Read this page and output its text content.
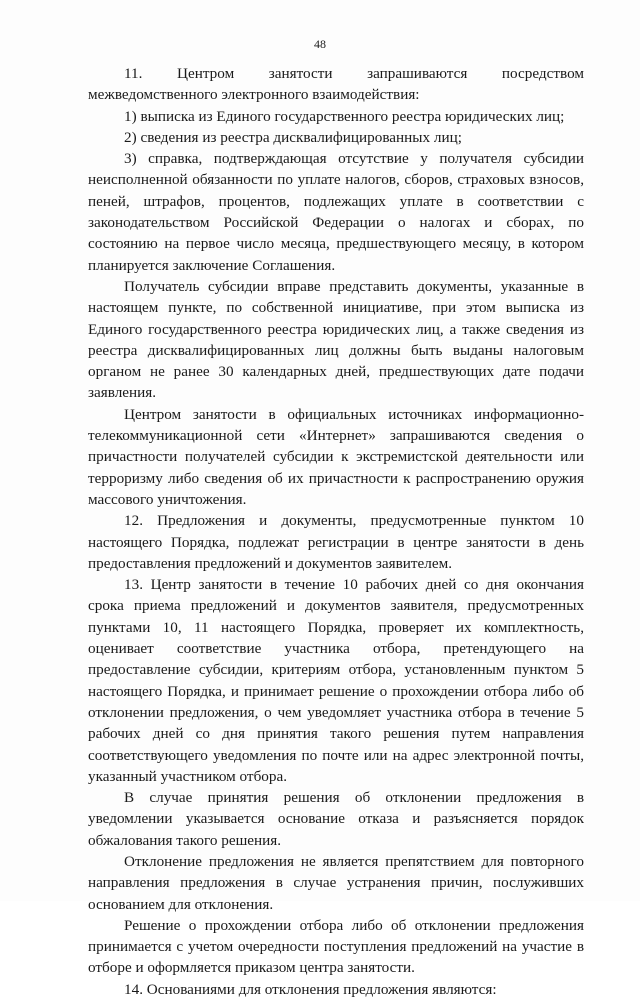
48

11. Центром занятости запрашиваются посредством межведомственного электронного взаимодействия:

1) выписка из Единого государственного реестра юридических лиц;

2) сведения из реестра дисквалифицированных лиц;

3) справка, подтверждающая отсутствие у получателя субсидии неисполненной обязанности по уплате налогов, сборов, страховых взносов, пеней, штрафов, процентов, подлежащих уплате в соответствии с законодательством Российской Федерации о налогах и сборах, по состоянию на первое число месяца, предшествующего месяцу, в котором планируется заключение Соглашения.

Получатель субсидии вправе представить документы, указанные в настоящем пункте, по собственной инициативе, при этом выписка из Единого государственного реестра юридических лиц, а также сведения из реестра дисквалифицированных лиц должны быть выданы налоговым органом не ранее 30 календарных дней, предшествующих дате подачи заявления.

Центром занятости в официальных источниках информационно-телекоммуникационной сети «Интернет» запрашиваются сведения о причастности получателей субсидии к экстремистской деятельности или терроризму либо сведения об их причастности к распространению оружия массового уничтожения.

12. Предложения и документы, предусмотренные пунктом 10 настоящего Порядка, подлежат регистрации в центре занятости в день предоставления предложений и документов заявителем.

13. Центр занятости в течение 10 рабочих дней со дня окончания срока приема предложений и документов заявителя, предусмотренных пунктами 10, 11 настоящего Порядка, проверяет их комплектность, оценивает соответствие участника отбора, претендующего на предоставление субсидии, критериям отбора, установленным пунктом 5 настоящего Порядка, и принимает решение о прохождении отбора либо об отклонении предложения, о чем уведомляет участника отбора в течение 5 рабочих дней со дня принятия такого решения путем направления соответствующего уведомления по почте или на адрес электронной почты, указанный участником отбора.

В случае принятия решения об отклонении предложения в уведомлении указывается основание отказа и разъясняется порядок обжалования такого решения.

Отклонение предложения не является препятствием для повторного направления предложения в случае устранения причин, послуживших основанием для отклонения.

Решение о прохождении отбора либо об отклонении предложения принимается с учетом очередности поступления предложений на участие в отборе и оформляется приказом центра занятости.

14. Основаниями для отклонения предложения являются:
